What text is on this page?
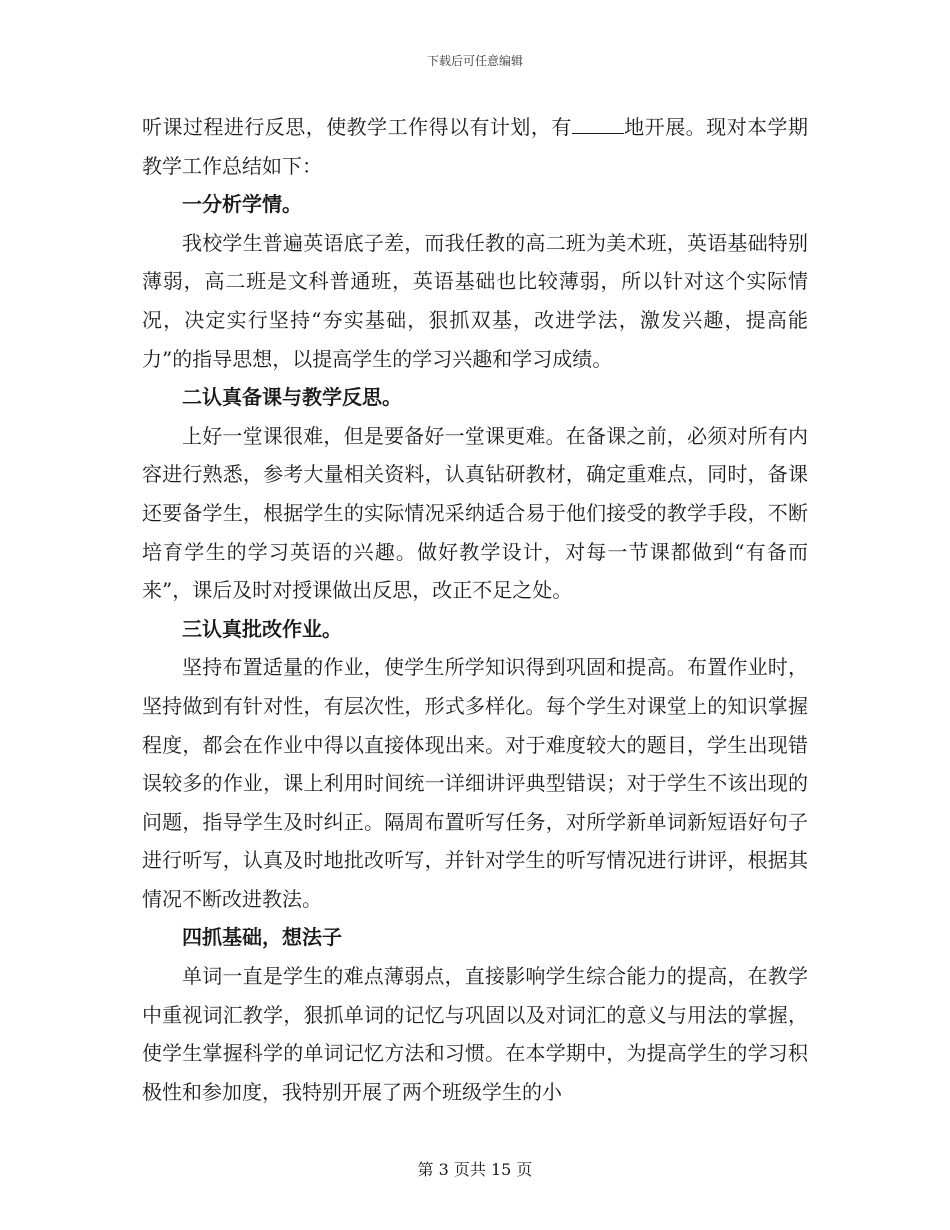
下载后可任意编辑

听课过程进行反思，使教学工作得以有计划，有	地开展。现对本学期教学工作总结如下：

一分析学情。

我校学生普遍英语底子差，而我任教的高二班为美术班，英语基础特别薄弱，高二班是文科普通班，英语基础也比较薄弱，所以针对这个实际情况，决定实行坚持“夯实基础，狠抓双基，改进学法，激发兴趣，提高能力”的指导思想，以提高学生的学习兴趣和学习成绩。

二认真备课与教学反思。

上好一堂课很难，但是要备好一堂课更难。在备课之前，必须对所有内容进行熟悉，参考大量相关资料，认真钻研教材，确定重难点，同时，备课还要备学生，根据学生的实际情况采纳适合易于他们接受的教学手段，不断培育学生的学习英语的兴趣。做好教学设计，对每一节课都做到“有备而来”，课后及时对授课做出反思，改正不足之处。

三认真批改作业。

坚持布置适量的作业，使学生所学知识得到巩固和提高。布置作业时，坚持做到有针对性，有层次性，形式多样化。每个学生对课堂上的知识掌握程度，都会在作业中得以直接体现出来。对于难度较大的题目，学生出现错误较多的作业，课上利用时间统一详细讲评典型错误；对于学生不该出现的问题，指导学生及时纠正。隔周布置听写任务，对所学新单词新短语好句子进行听写，认真及时地批改听写，并针对学生的听写情况进行讲评，根据其情况不断改进教法。

四抓基础，想法子

单词一直是学生的难点薄弱点，直接影响学生综合能力的提高，在教学中重视词汇教学，狠抓单词的记忆与巩固以及对词汇的意义与用法的掌握，使学生掌握科学的单词记忆方法和习惯。在本学期中，为提高学生的学习积极性和参加度，我特别开展了两个班级学生的小

第 3 页共 15 页
